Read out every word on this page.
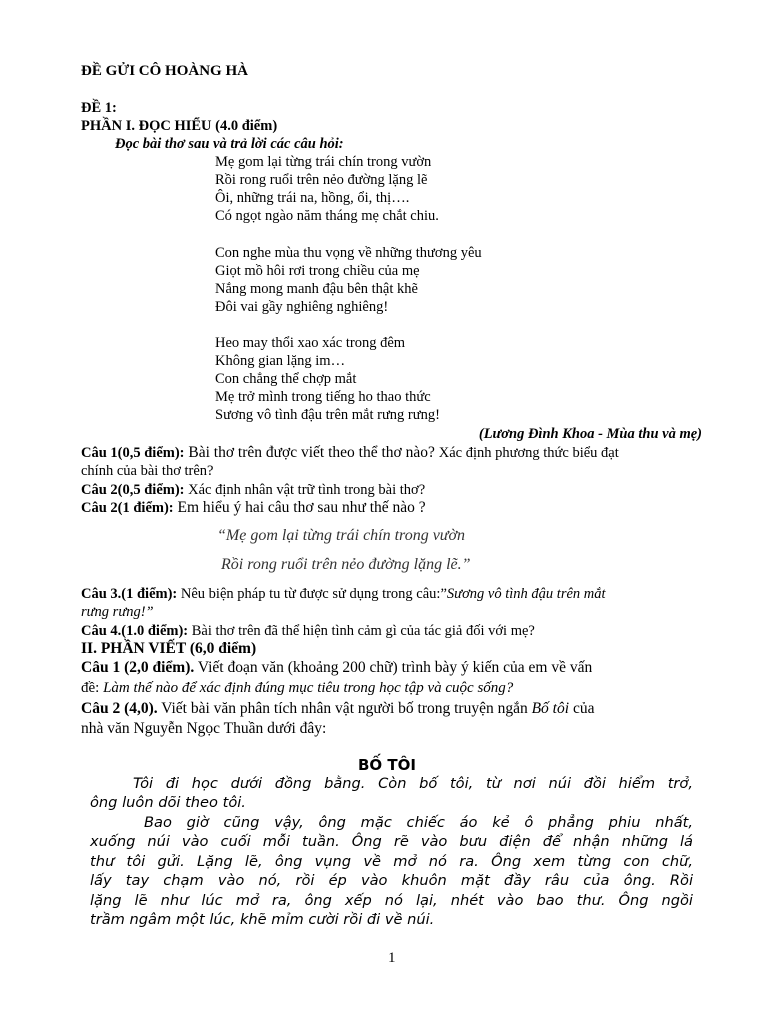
ĐỀ GỬI CÔ HOÀNG HÀ
ĐỀ 1:
PHẦN I. ĐỌC HIỂU (4.0 điểm)
Đọc bài thơ sau và trả lời các câu hỏi:
Mẹ gom lại từng trái chín trong vườn
Rồi rong ruổi trên nẻo đường lặng lẽ
Ôi, những trái na, hồng, ổi, thị….
Có ngọt ngào năm tháng mẹ chắt chiu.
Con nghe mùa thu vọng về những thương yêu
Giọt mồ hôi rơi trong chiều của mẹ
Nắng mong manh đậu bên thật khẽ
Đôi vai gầy nghiêng nghiêng!
Heo may thổi xao xác trong đêm
Không gian lặng im…
Con chẳng thể chợp mắt
Mẹ trở mình trong tiếng ho thao thức
Sương vô tình đậu trên mắt rưng rưng!
(Lương Đình Khoa - Mùa thu và mẹ)
Câu 1(0,5 điểm): Bài thơ trên được viết theo thể thơ nào? Xác định phương thức biểu đạt
chính của bài thơ trên?
Câu 2(0,5 điểm): Xác định nhân vật trữ tình trong bài thơ?
Câu 2(1 điểm): Em hiểu ý hai câu thơ sau như thế nào ?
“Mẹ gom lại từng trái chín trong vườn
Rồi rong ruổi trên nẻo đường lặng lẽ.”
Câu 3.(1 điểm): Nêu biện pháp tu từ được sử dụng trong câu:”Sương vô tình đậu trên mắt
rưng rưng!”
Câu 4.(1.0 điểm): Bài thơ trên đã thể hiện tình cảm gì của tác giả đối với mẹ?
II. PHẦN VIẾT (6,0 điểm)
Câu 1 (2,0 điểm). Viết đoạn văn (khoảng 200 chữ) trình bày ý kiến của em về vấn
đề: Làm thế nào để xác định đúng mục tiêu trong học tập và cuộc sống?
Câu 2 (4,0). Viết bài văn phân tích nhân vật người bố trong truyện ngắn Bố tôi của
nhà văn Nguyễn Ngọc Thuần dưới đây:
BỐ TÔI
Tôi đi học dưới đồng bằng. Còn bố tôi, từ nơi núi đồi hiểm trở,
ông luôn dõi theo tôi.
Bao giờ cũng vậy, ông mặc chiếc áo kẻ ô phẳng phiu nhất,
xuống núi vào cuối mỗi tuần. Ông rẽ vào bưu điện để nhận những lá
thư tôi gửi. Lặng lẽ, ông vụng về mở nó ra. Ông xem từng con chữ,
lấy tay chạm vào nó, rồi ép vào khuôn mặt đầy râu của ông. Rồi
lặng lẽ như lúc mở ra, ông xếp nó lại, nhét vào bao thư. Ông ngồi
trầm ngâm một lúc, khẽ mỉm cười rồi đi về núi.
1
